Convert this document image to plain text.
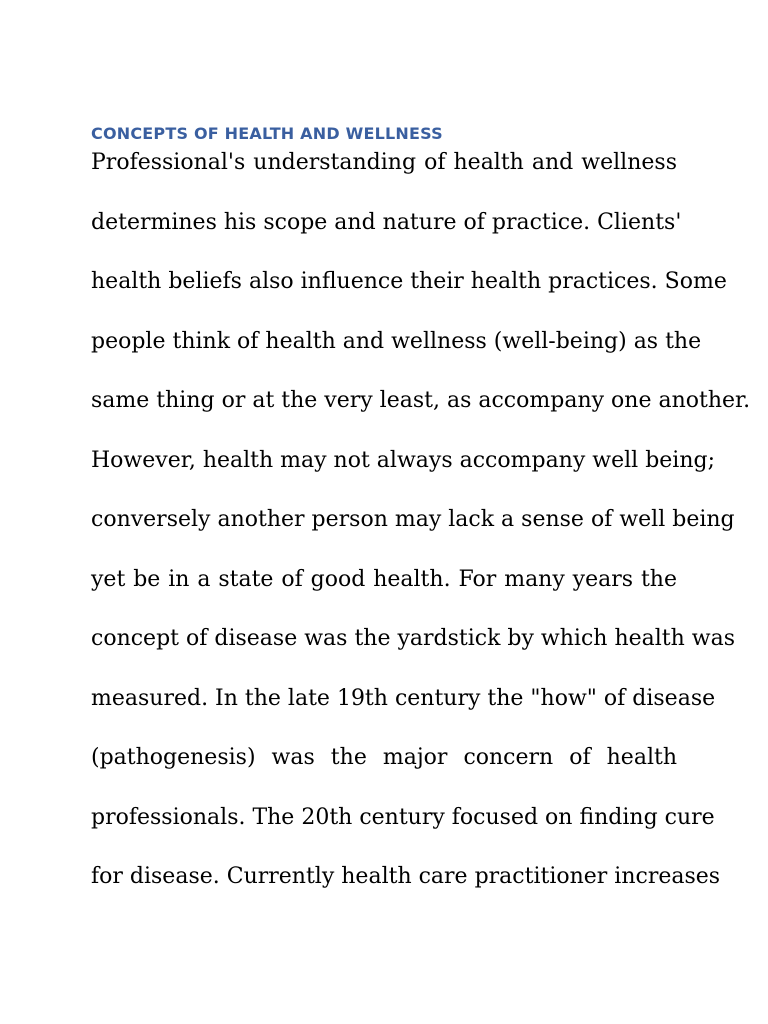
CONCEPTS OF HEALTH AND WELLNESS
Professional's understanding of health and wellness
determines his scope and nature of practice. Clients'
health beliefs also influence their health practices. Some
people think of health and wellness (well-being) as the
same thing or at the very least, as accompany one another.
However, health may not always accompany well being;
conversely another person may lack a sense of well being
yet be in a state of good health. For many years the
concept of disease was the yardstick by which health was
measured. In the late 19th century the "how" of disease
(pathogenesis) was the major concern of health
professionals. The 20th century focused on finding cure
for disease. Currently health care practitioner increases
